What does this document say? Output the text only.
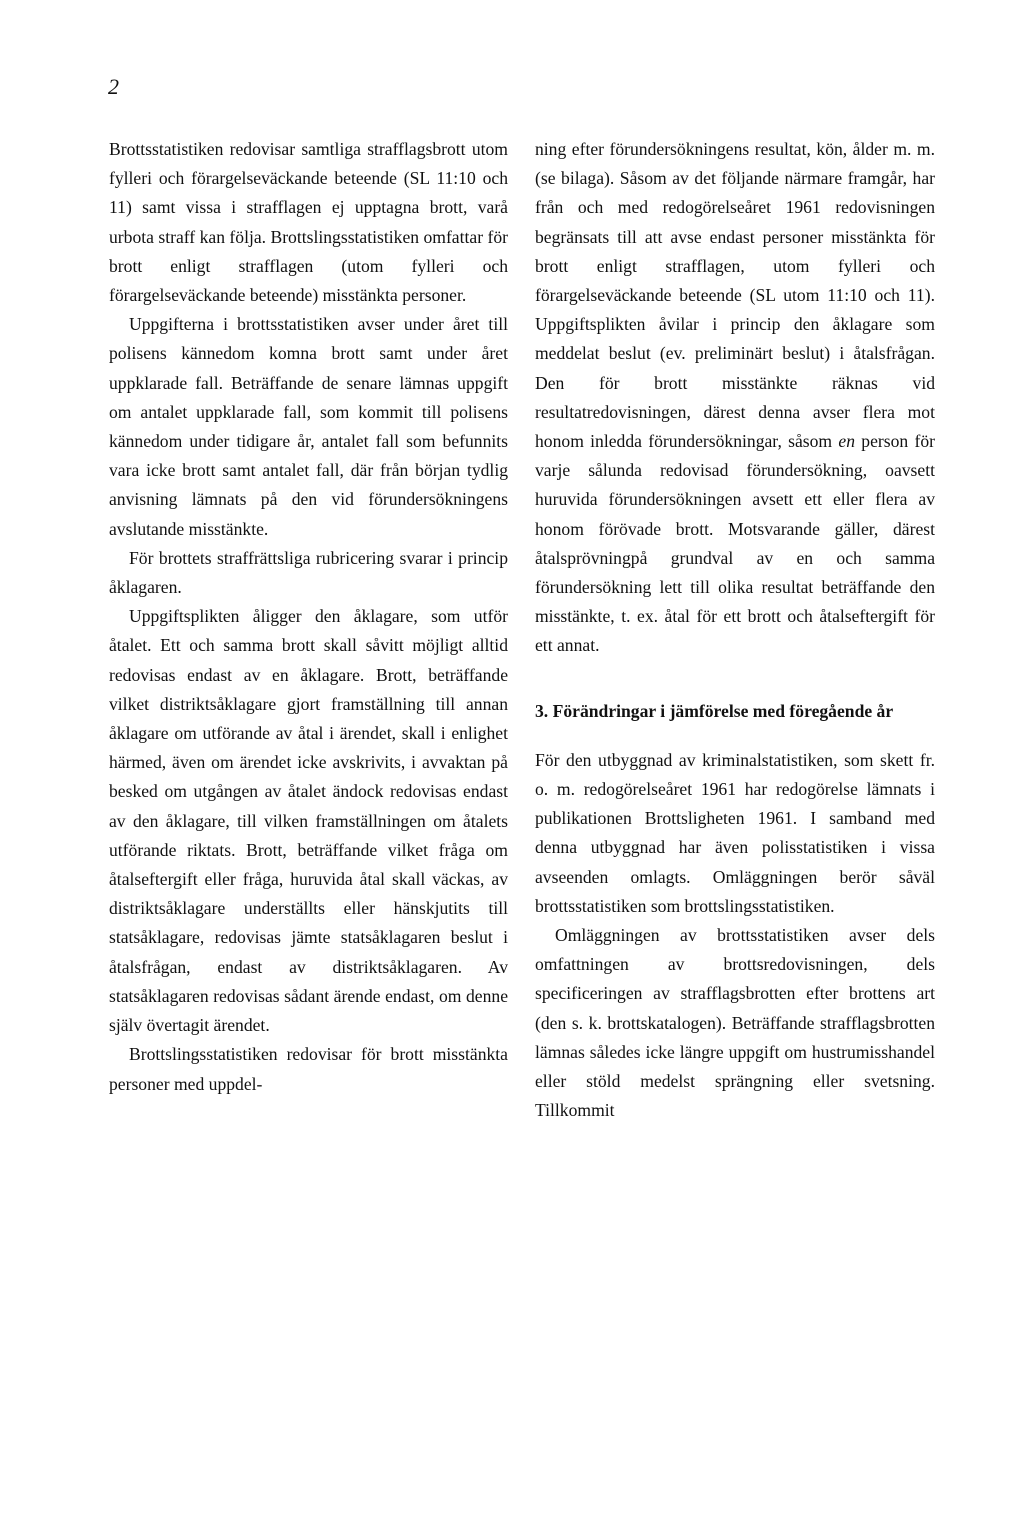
2

Brottsstatistiken redovisar samtliga strafflagsbrott utom fylleri och förargelseväckande beteende (SL 11:10 och 11) samt vissa i strafflagen ej upptagna brott, varå urbota straff kan följa. Brottslingsstatistiken omfattar för brott enligt strafflagen (utom fylleri och förargelseväckande beteende) misstänkta personer.

Uppgifterna i brottsstatistiken avser under året till polisens kännedom komna brott samt under året uppklarade fall. Beträffande de senare lämnas uppgift om antalet uppklarade fall, som kommit till polisens kännedom under tidigare år, antalet fall som befunnits vara icke brott samt antalet fall, där från början tydlig anvisning lämnats på den vid förundersökningens avslutande misstänkte.

För brottets straffrättsliga rubricering svarar i princip åklagaren.

Uppgiftsplikten åligger den åklagare, som utför åtalet. Ett och samma brott skall såvitt möjligt alltid redovisas endast av en åklagare. Brott, beträffande vilket distriktsåklagare gjort framställning till annan åklagare om utförande av åtal i ärendet, skall i enlighet härmed, även om ärendet icke avskrivits, i avvaktan på besked om utgången av åtalet ändock redovisas endast av den åklagare, till vilken framställningen om åtalets utförande riktats. Brott, beträffande vilket fråga om åtalseftergift eller fråga, huruvida åtal skall väckas, av distriktsåklagare underställts eller hänskjutits till statsåklagare, redovisas jämte statsåklagaren beslut i åtalsfrågan, endast av distriktsåklagaren. Av statsåklagaren redovisas sådant ärende endast, om denne själv övertagit ärendet.

Brottslingsstatistiken redovisar för brott misstänkta personer med uppdel-

ning efter förundersökningens resultat, kön, ålder m. m. (se bilaga). Såsom av det följande närmare framgår, har från och med redogörelseåret 1961 redovisningen begränsats till att avse endast personer misstänkta för brott enligt strafflagen, utom fylleri och förargelseväckande beteende (SL utom 11:10 och 11). Uppgiftsplikten åvilar i princip den åklagare som meddelat beslut (ev. preliminärt beslut) i åtalsfrågan. Den för brott misstänkte räknas vid resultatredovisningen, därest denna avser flera mot honom inledda förundersökningar, såsom en person för varje sålunda redovisad förundersökning, oavsett huruvida förundersökningen avsett ett eller flera av honom förövade brott. Motsvarande gäller, därest åtalsprövningpå grundval av en och samma förundersökning lett till olika resultat beträffande den misstänkte, t. ex. åtal för ett brott och åtalseftergift för ett annat.

3. Förändringar i jämförelse med föregående år

För den utbyggnad av kriminalstatistiken, som skett fr. o. m. redogörelseåret 1961 har redogörelse lämnats i publikationen Brottsligheten 1961. I samband med denna utbyggnad har även polisstatistiken i vissa avseenden omlagts. Omläggningen berör såväl brottsstatistiken som brottslingsstatistiken.

Omläggningen av brottsstatistiken avser dels omfattningen av brottsredovisningen, dels specificeringen av strafflagsbrotten efter brottens art (den s. k. brottskatalogen). Beträffande strafflagsbrotten lämnas således icke längre uppgift om hustrumisshandel eller stöld medelst sprängning eller svetsning. Tillkommit
